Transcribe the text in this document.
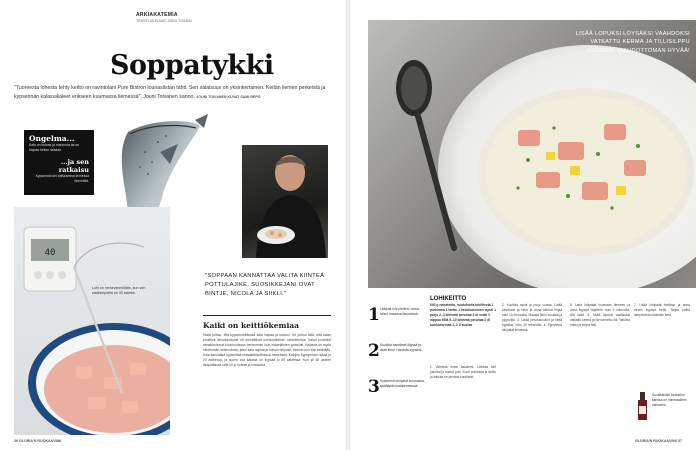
ARKIAKATEMIA
TEKSTI JA KUVAT: JOKU TOINEN
Soppatykki
"Tuoreesta lohesta tehty keitto on ravintolani Pure Bistron lounaslistan tähti. Sen salaisuus on yksinkertainen. Keitän liemen perkeistä ja kypsennän kalasuikaleet erikseen kuumassa liemessä", Jouni Toivanen sanoo. JOUNI TOIVANEN KUVAT SAMI REPO
Ongelma...
Kala on kuivaa ja mautonta tai se hajoaa keiton sekaan.
...ja sen ratkaisu
Kypsennä lohi keltaisessa liemessä lämmöllä.
40
Lohi on mehevimmillään, kun sen sisälämpötila on 40 astetta.
"SOPPAAN KANNATTAA VALITA KIINTEÄ POTTULAJIKE. SUOSIKKEJANI OVAT BINTJE, NICOLA JA SIIKLI."
Kaiki on keittiökemiaa
Mistä johtuu, että kypsennettäessä kala hajoaa ja kuivuu? Se johtuu siitä, että kalan proteiinit denaturoituvat eli menettävät kolmiulotteisen rakenteensa. Kalan proteiinit denaturoituvat kuumuudessa herkemmin kuin maaeläinten proteiinit. Kalassa on myös vähemmän sidekudosta, joten kala hajoaa ja kuivuu helposti, etenkin kun sitä keitetään. Kala kannattaa kypsentää matalalämpöisessä nesteessä. Kalojen kypsyminen alkaa jo 20 asteessa, ja suurin osa kalasta on kypsää jo 50 asteessa. Kun yli 60 asteen lämpötilassa kala on jo kuivaa ja mautonta.
36 GLORIA'N RUOKA&VIINI
LISÄÄ LOPUKSI LÖYSÄKSI VAAHDOKSI VATKATTU KERMA JA TILLISILPPU LIEMEEN. MAHDOTTOMAN HYVÄÄ!
1 Leikkaa lohi pieniksi. Anna lohen maustua lämmössä.
2 Kuullota kasvikset öljyssä ja lisää liemi. Hauduta kypsiksi.
3 Kypsennä lohipalat kuumassa, sisältäpäin kalaliemeessä.
LOHIKEITTO
600 g nahatonta, ruodotonta lohifileetä 1 porkkana 1 lanttu 1 keskikokoinen sipuli 1 purjo 2–3 kiinteää perunaa 2 dl vettä ½ nippua tilliä 5–10 kiinteää perunaa 2 dl kuohukermaa 1–2 tl suolaa
1. Valmista ensin kalaliemi. Leikkaa lohi paloiksi ja ruodot pois. Kuori porkkana ja lanttu ja leikkaa ne pieniksi kuutioiksi.
2. Kuullota sipuli ja purjo voissa. Lisää kasvikset ja liemi ja anna kiehua hiljaa noin 10 minuuttia. Mausta liemi suolalla ja pippurilla. 3. Lisää perunakuutiot ja keitä kypsiksi, noin 15 minuuttia. 4. Kypsennä lohipalat liemessä.
5. Laita lohipalat kuumaan liemeen ja anna kypsyä hiljalleen noin 5 minuuttia. Älä keitä. 6. Lisää lopuksi vaahdoksi vatkattu kerma ja hienonnettu tilli. Tarkista maku ja tarjoa heti.
7. Lisää lohipalat keittoon ja anna niiden kypsyä hetki. Tarjoa keitto lämpimänä ruisleivän kera.
Suosikkiviini lohikeiton kanssa on mineraalinen valkoviini.
GLORIA'N RUOKA&VIINI 37
